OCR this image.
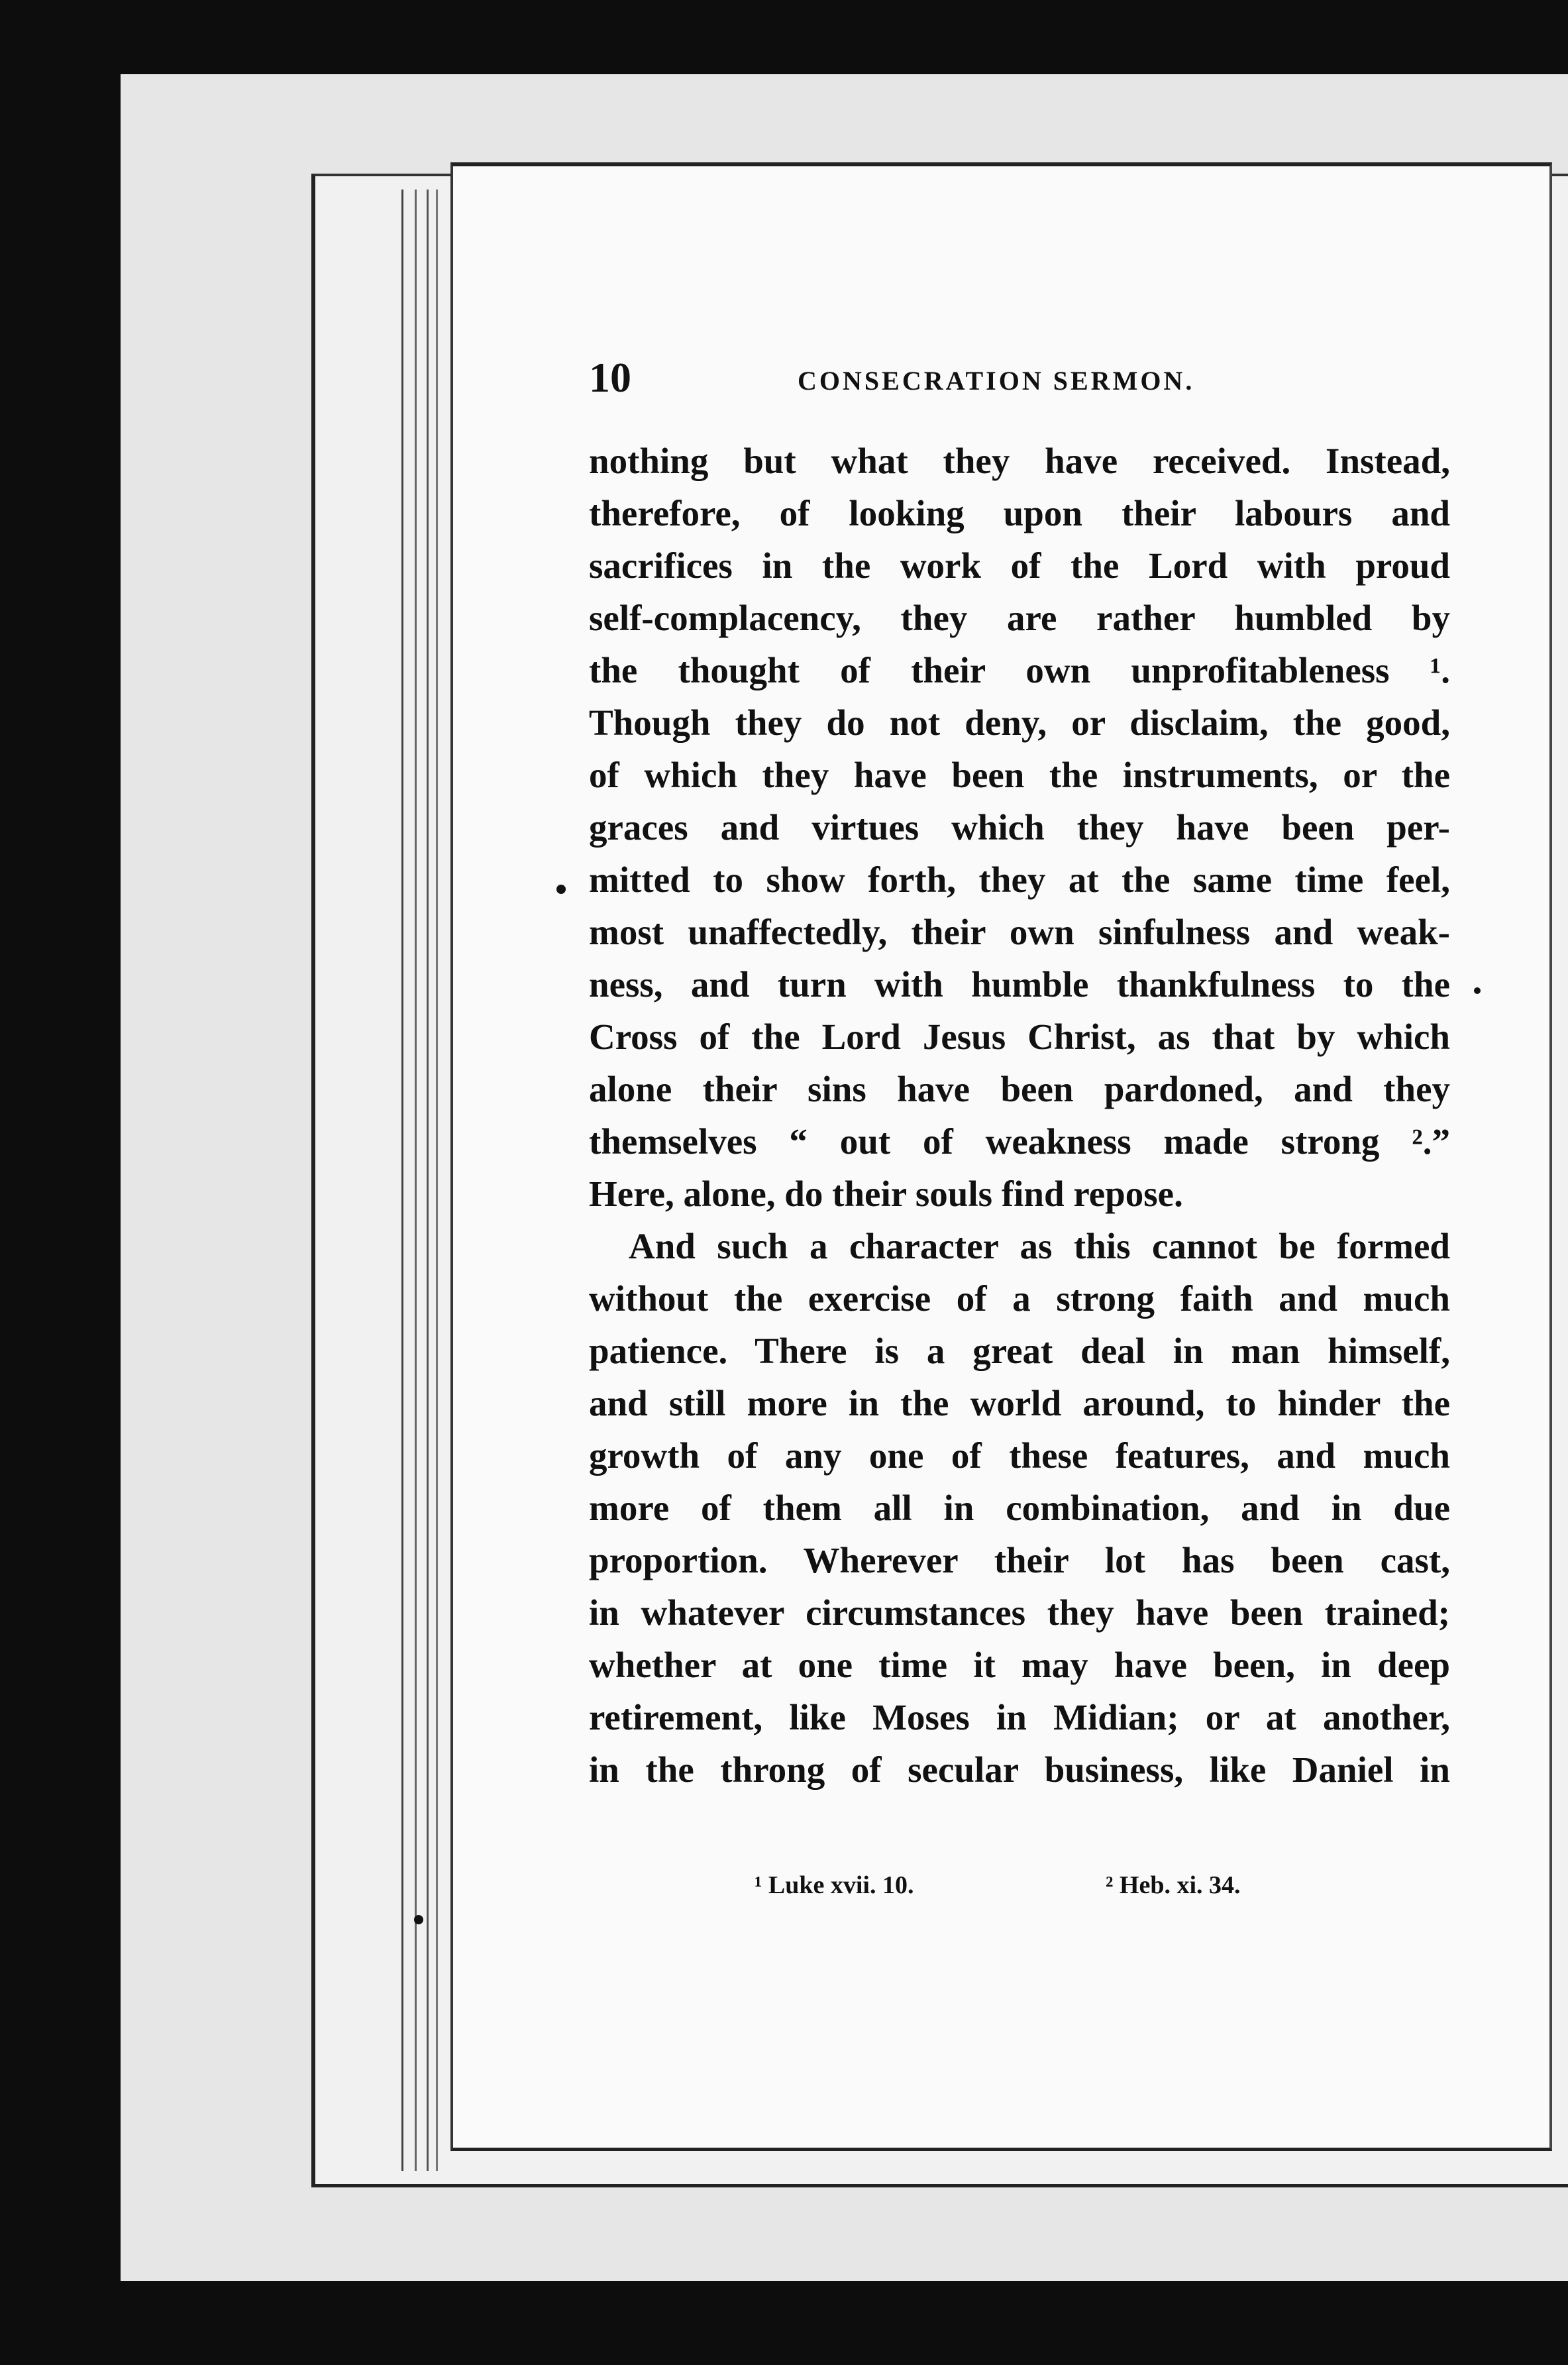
10	CONSECRATION SERMON.
nothing but what they have received. Instead,
therefore, of looking upon their labours and
sacrifices in the work of the Lord with proud
self-complacency, they are rather humbled by
the thought of their own unprofitableness ¹.
Though they do not deny, or disclaim, the good,
of which they have been the instruments, or the
graces and virtues which they have been per-
mitted to show forth, they at the same time feel,
most unaffectedly, their own sinfulness and weak-
ness, and turn with humble thankfulness to the
Cross of the Lord Jesus Christ, as that by which
alone their sins have been pardoned, and they
themselves “ out of weakness made strong ².”
Here, alone, do their souls find repose.
And such a character as this cannot be formed
without the exercise of a strong faith and much
patience. There is a great deal in man himself,
and still more in the world around, to hinder the
growth of any one of these features, and much
more of them all in combination, and in due
proportion. Wherever their lot has been cast,
in whatever circumstances they have been trained;
whether at one time it may have been, in deep
retirement, like Moses in Midian; or at another,
in the throng of secular business, like Daniel in
¹ Luke xvii. 10.	² Heb. xi. 34.
